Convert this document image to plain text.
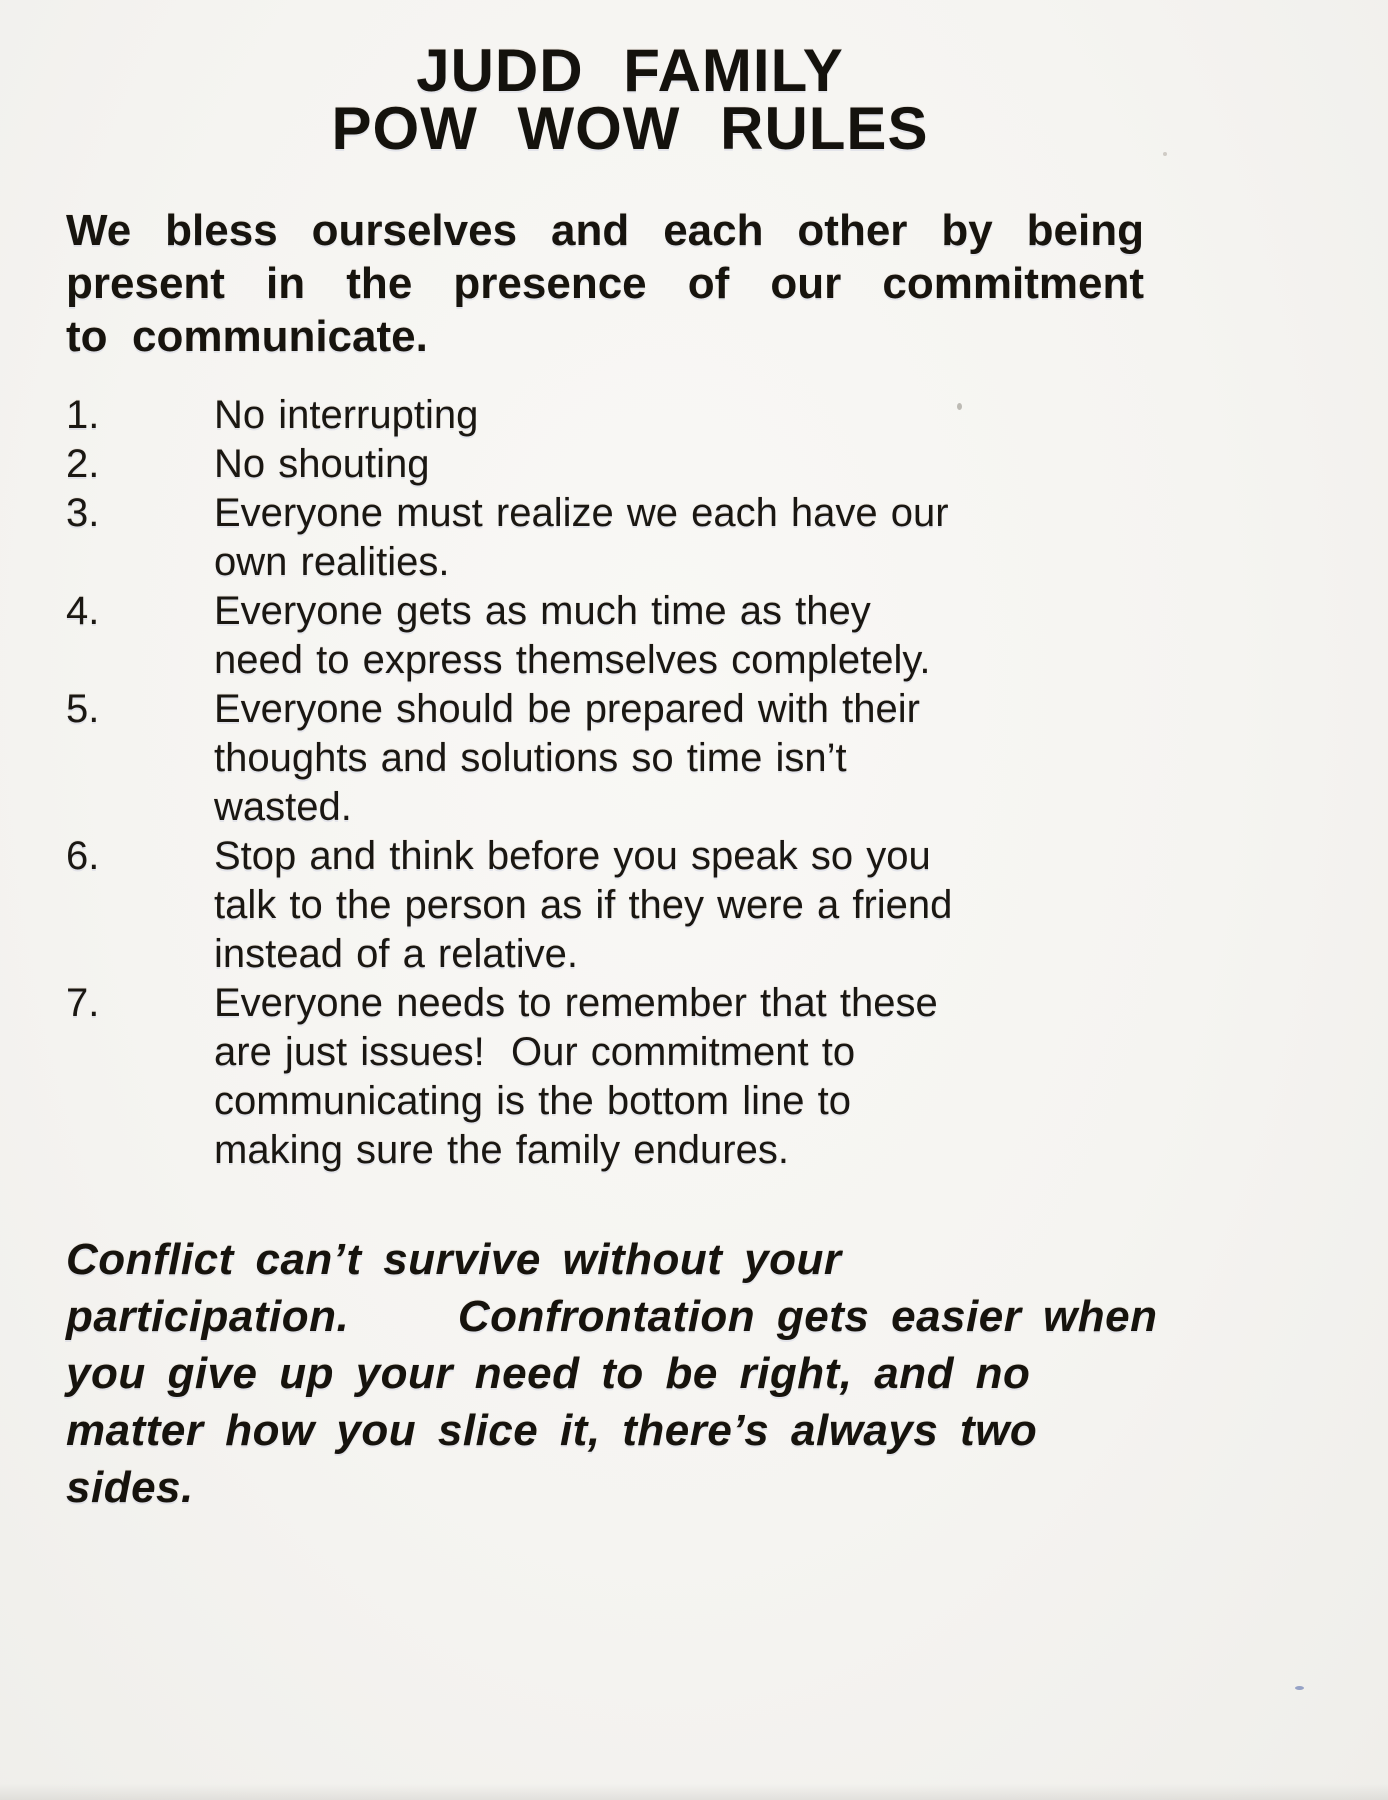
JUDD FAMILY
POW WOW RULES
We bless ourselves and each other by being
present in the presence of our commitment
to  communicate.
1.	No interrupting
2.	No shouting
3.	Everyone must realize we each have our
own realities.
4.	Everyone gets as much time as they
need to express themselves completely.
5.	Everyone should be prepared with their
thoughts and solutions so time isn’t
wasted.
6.	Stop and think before you speak so you
talk to the person as if they were a friend
instead of a relative.
7.	Everyone needs to remember that these
are just issues!  Our commitment to
communicating is the bottom line to
making sure the family endures.
Conflict can’t survive without your
participation.     Confrontation gets easier when
you give up your need to be right, and no
matter how you slice it, there’s always two
sides.
